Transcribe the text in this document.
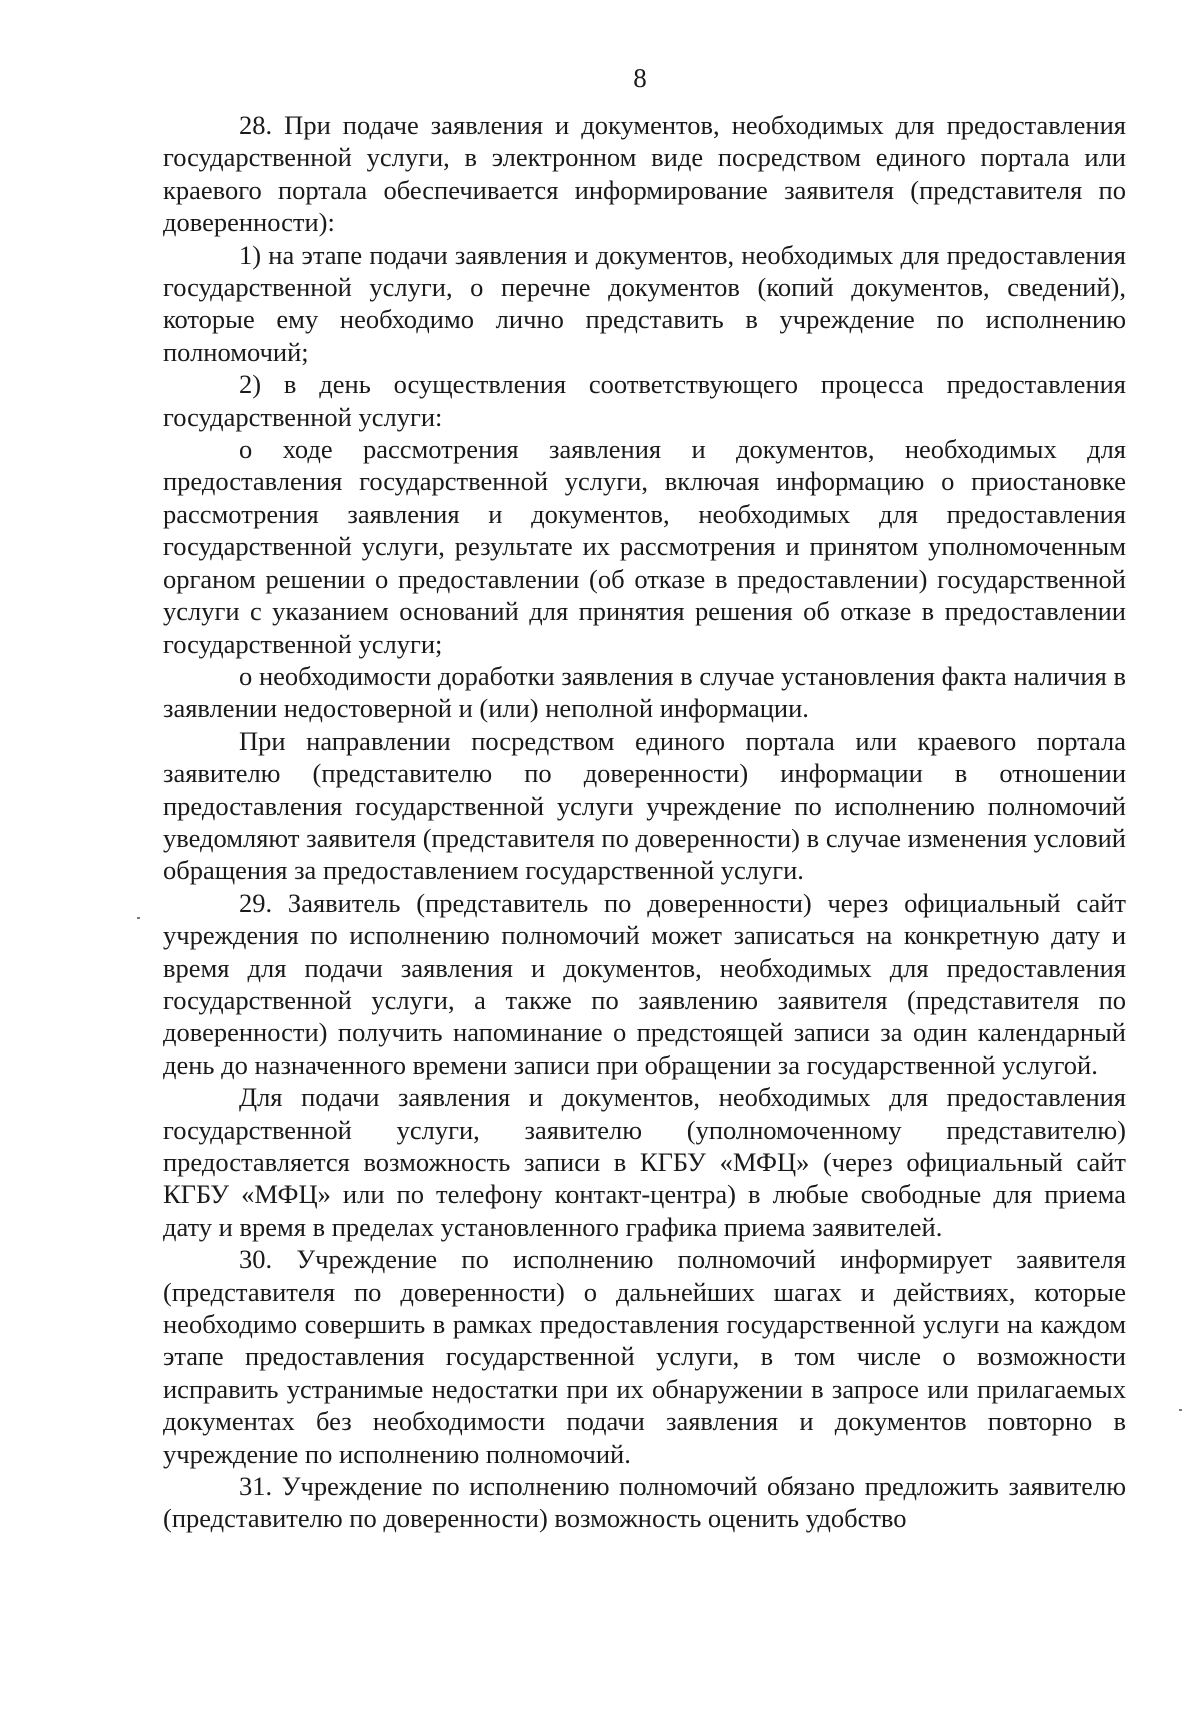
8

28. При подаче заявления и документов, необходимых для предоставления государственной услуги, в электронном виде посредством единого портала или краевого портала обеспечивается информирование заявителя (представителя по доверенности):

1) на этапе подачи заявления и документов, необходимых для предоставления государственной услуги, о перечне документов (копий документов, сведений), которые ему необходимо лично представить в учреждение по исполнению полномочий;

2) в день осуществления соответствующего процесса предоставления государственной услуги:

о ходе рассмотрения заявления и документов, необходимых для предоставления государственной услуги, включая информацию о приостановке рассмотрения заявления и документов, необходимых для предоставления государственной услуги, результате их рассмотрения и принятом уполномоченным органом решении о предоставлении (об отказе в предоставлении) государственной услуги с указанием оснований для принятия решения об отказе в предоставлении государственной услуги;

о необходимости доработки заявления в случае установления факта наличия в заявлении недостоверной и (или) неполной информации.

При направлении посредством единого портала или краевого портала заявителю (представителю по доверенности) информации в отношении предоставления государственной услуги учреждение по исполнению полномочий уведомляют заявителя (представителя по доверенности) в случае изменения условий обращения за предоставлением государственной услуги.

29. Заявитель (представитель по доверенности) через официальный сайт учреждения по исполнению полномочий может записаться на конкретную дату и время для подачи заявления и документов, необходимых для предоставления государственной услуги, а также по заявлению заявителя (представителя по доверенности) получить напоминание о предстоящей записи за один календарный день до назначенного времени записи при обращении за государственной услугой.

Для подачи заявления и документов, необходимых для предоставления государственной услуги, заявителю (уполномоченному представителю) предоставляется возможность записи в КГБУ «МФЦ» (через официальный сайт КГБУ «МФЦ» или по телефону контакт-центра) в любые свободные для приема дату и время в пределах установленного графика приема заявителей.

30. Учреждение по исполнению полномочий информирует заявителя (представителя по доверенности) о дальнейших шагах и действиях, которые необходимо совершить в рамках предоставления государственной услуги на каждом этапе предоставления государственной услуги, в том числе о возможности исправить устранимые недостатки при их обнаружении в запросе или прилагаемых документах без необходимости подачи заявления и документов повторно в учреждение по исполнению полномочий.

31. Учреждение по исполнению полномочий обязано предложить заявителю (представителю по доверенности) возможность оценить удобство
